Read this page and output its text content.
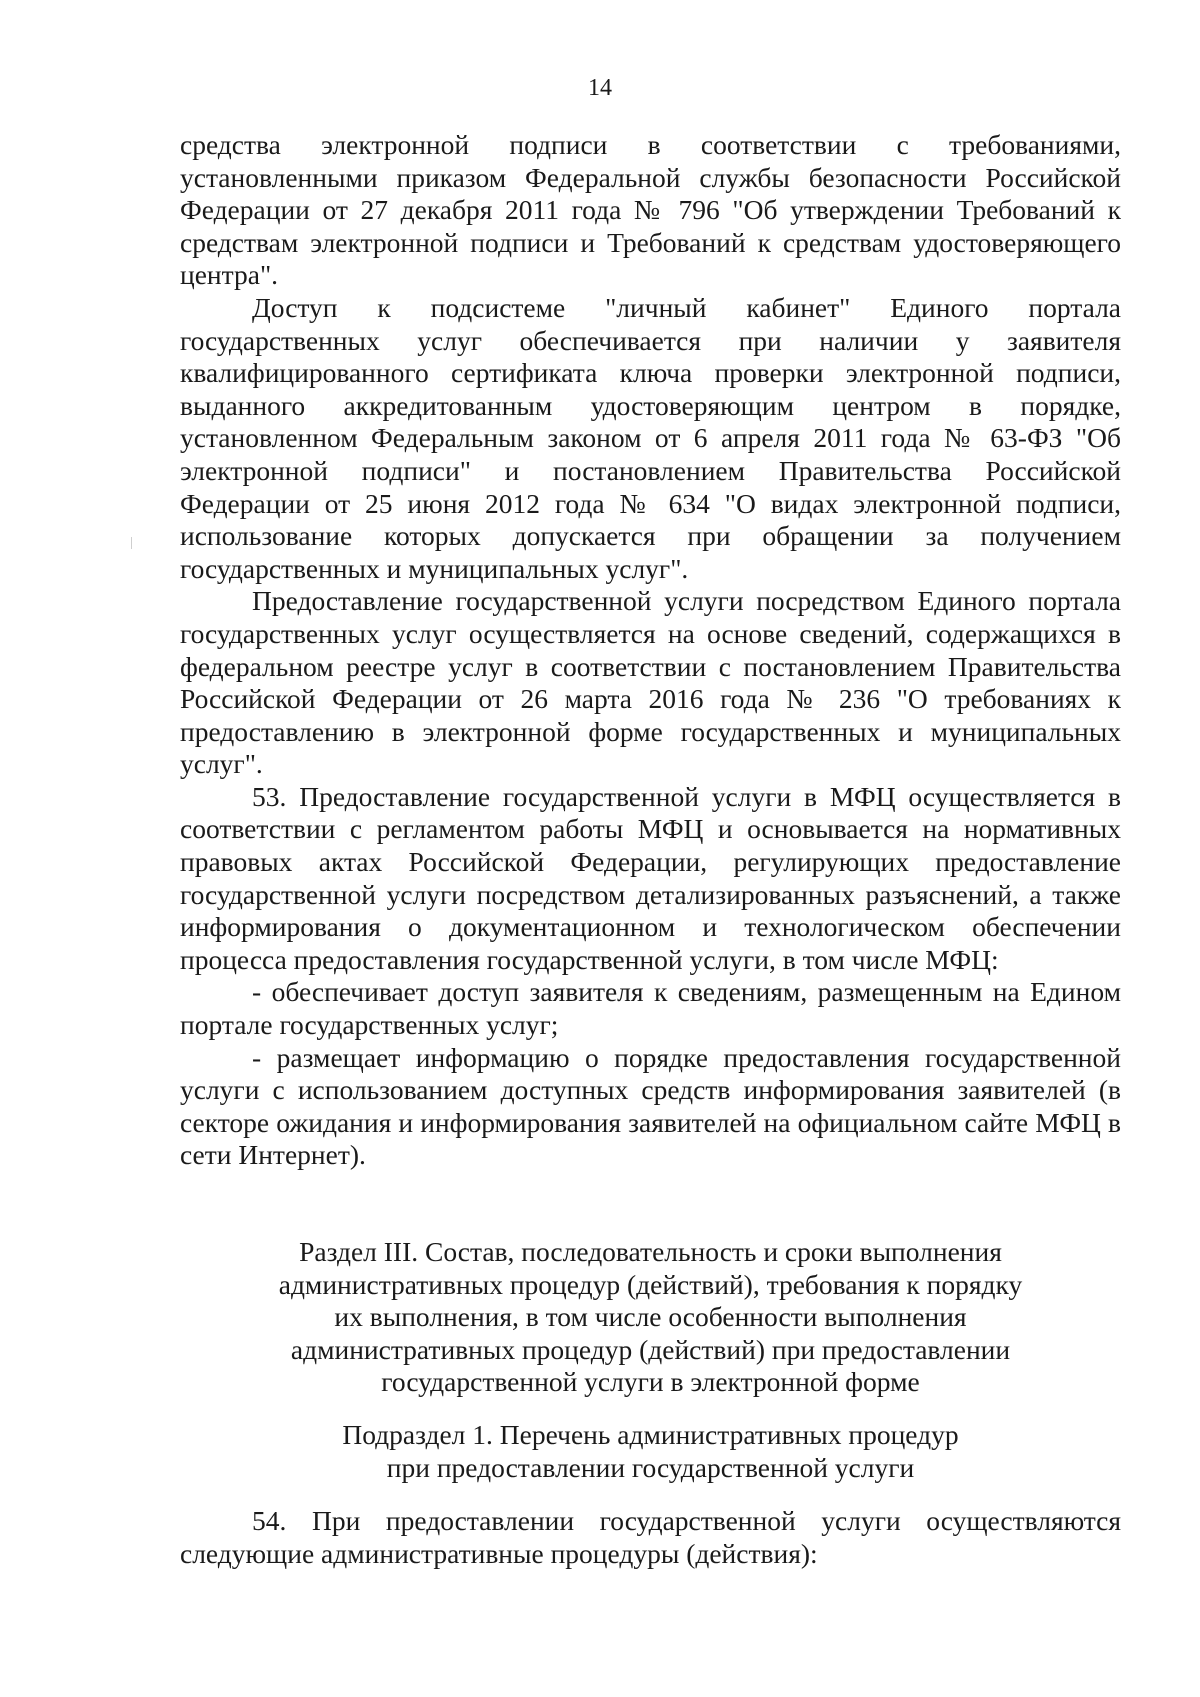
14

средства электронной подписи в соответствии с требованиями, установленными приказом Федеральной службы безопасности Российской Федерации от 27 декабря 2011 года № 796 "Об утверждении Требований к средствам электронной подписи и Требований к средствам удостоверяющего центра".

Доступ к подсистеме "личный кабинет" Единого портала государственных услуг обеспечивается при наличии у заявителя квалифицированного сертификата ключа проверки электронной подписи, выданного аккредитованным удостоверяющим центром в порядке, установленном Федеральным законом от 6 апреля 2011 года № 63-ФЗ "Об электронной подписи" и постановлением Правительства Российской Федерации от 25 июня 2012 года № 634 "О видах электронной подписи, использование которых допускается при обращении за получением государственных и муниципальных услуг".

Предоставление государственной услуги посредством Единого портала государственных услуг осуществляется на основе сведений, содержащихся в федеральном реестре услуг в соответствии с постановлением Правительства Российской Федерации от 26 марта 2016 года № 236 "О требованиях к предоставлению в электронной форме государственных и муниципальных услуг".

53. Предоставление государственной услуги в МФЦ осуществляется в соответствии с регламентом работы МФЦ и основывается на нормативных правовых актах Российской Федерации, регулирующих предоставление государственной услуги посредством детализированных разъяснений, а также информирования о документационном и технологическом обеспечении процесса предоставления государственной услуги, в том числе МФЦ:

- обеспечивает доступ заявителя к сведениям, размещенным на Едином портале государственных услуг;

- размещает информацию о порядке предоставления государственной услуги с использованием доступных средств информирования заявителей (в секторе ожидания и информирования заявителей на официальном сайте МФЦ в сети Интернет).

Раздел III. Состав, последовательность и сроки выполнения
административных процедур (действий), требования к порядку
их выполнения, в том числе особенности выполнения
административных процедур (действий) при предоставлении
государственной услуги в электронной форме
Подраздел 1. Перечень административных процедур
при предоставлении государственной услуги

54. При предоставлении государственной услуги осуществляются следующие административные процедуры (действия):
